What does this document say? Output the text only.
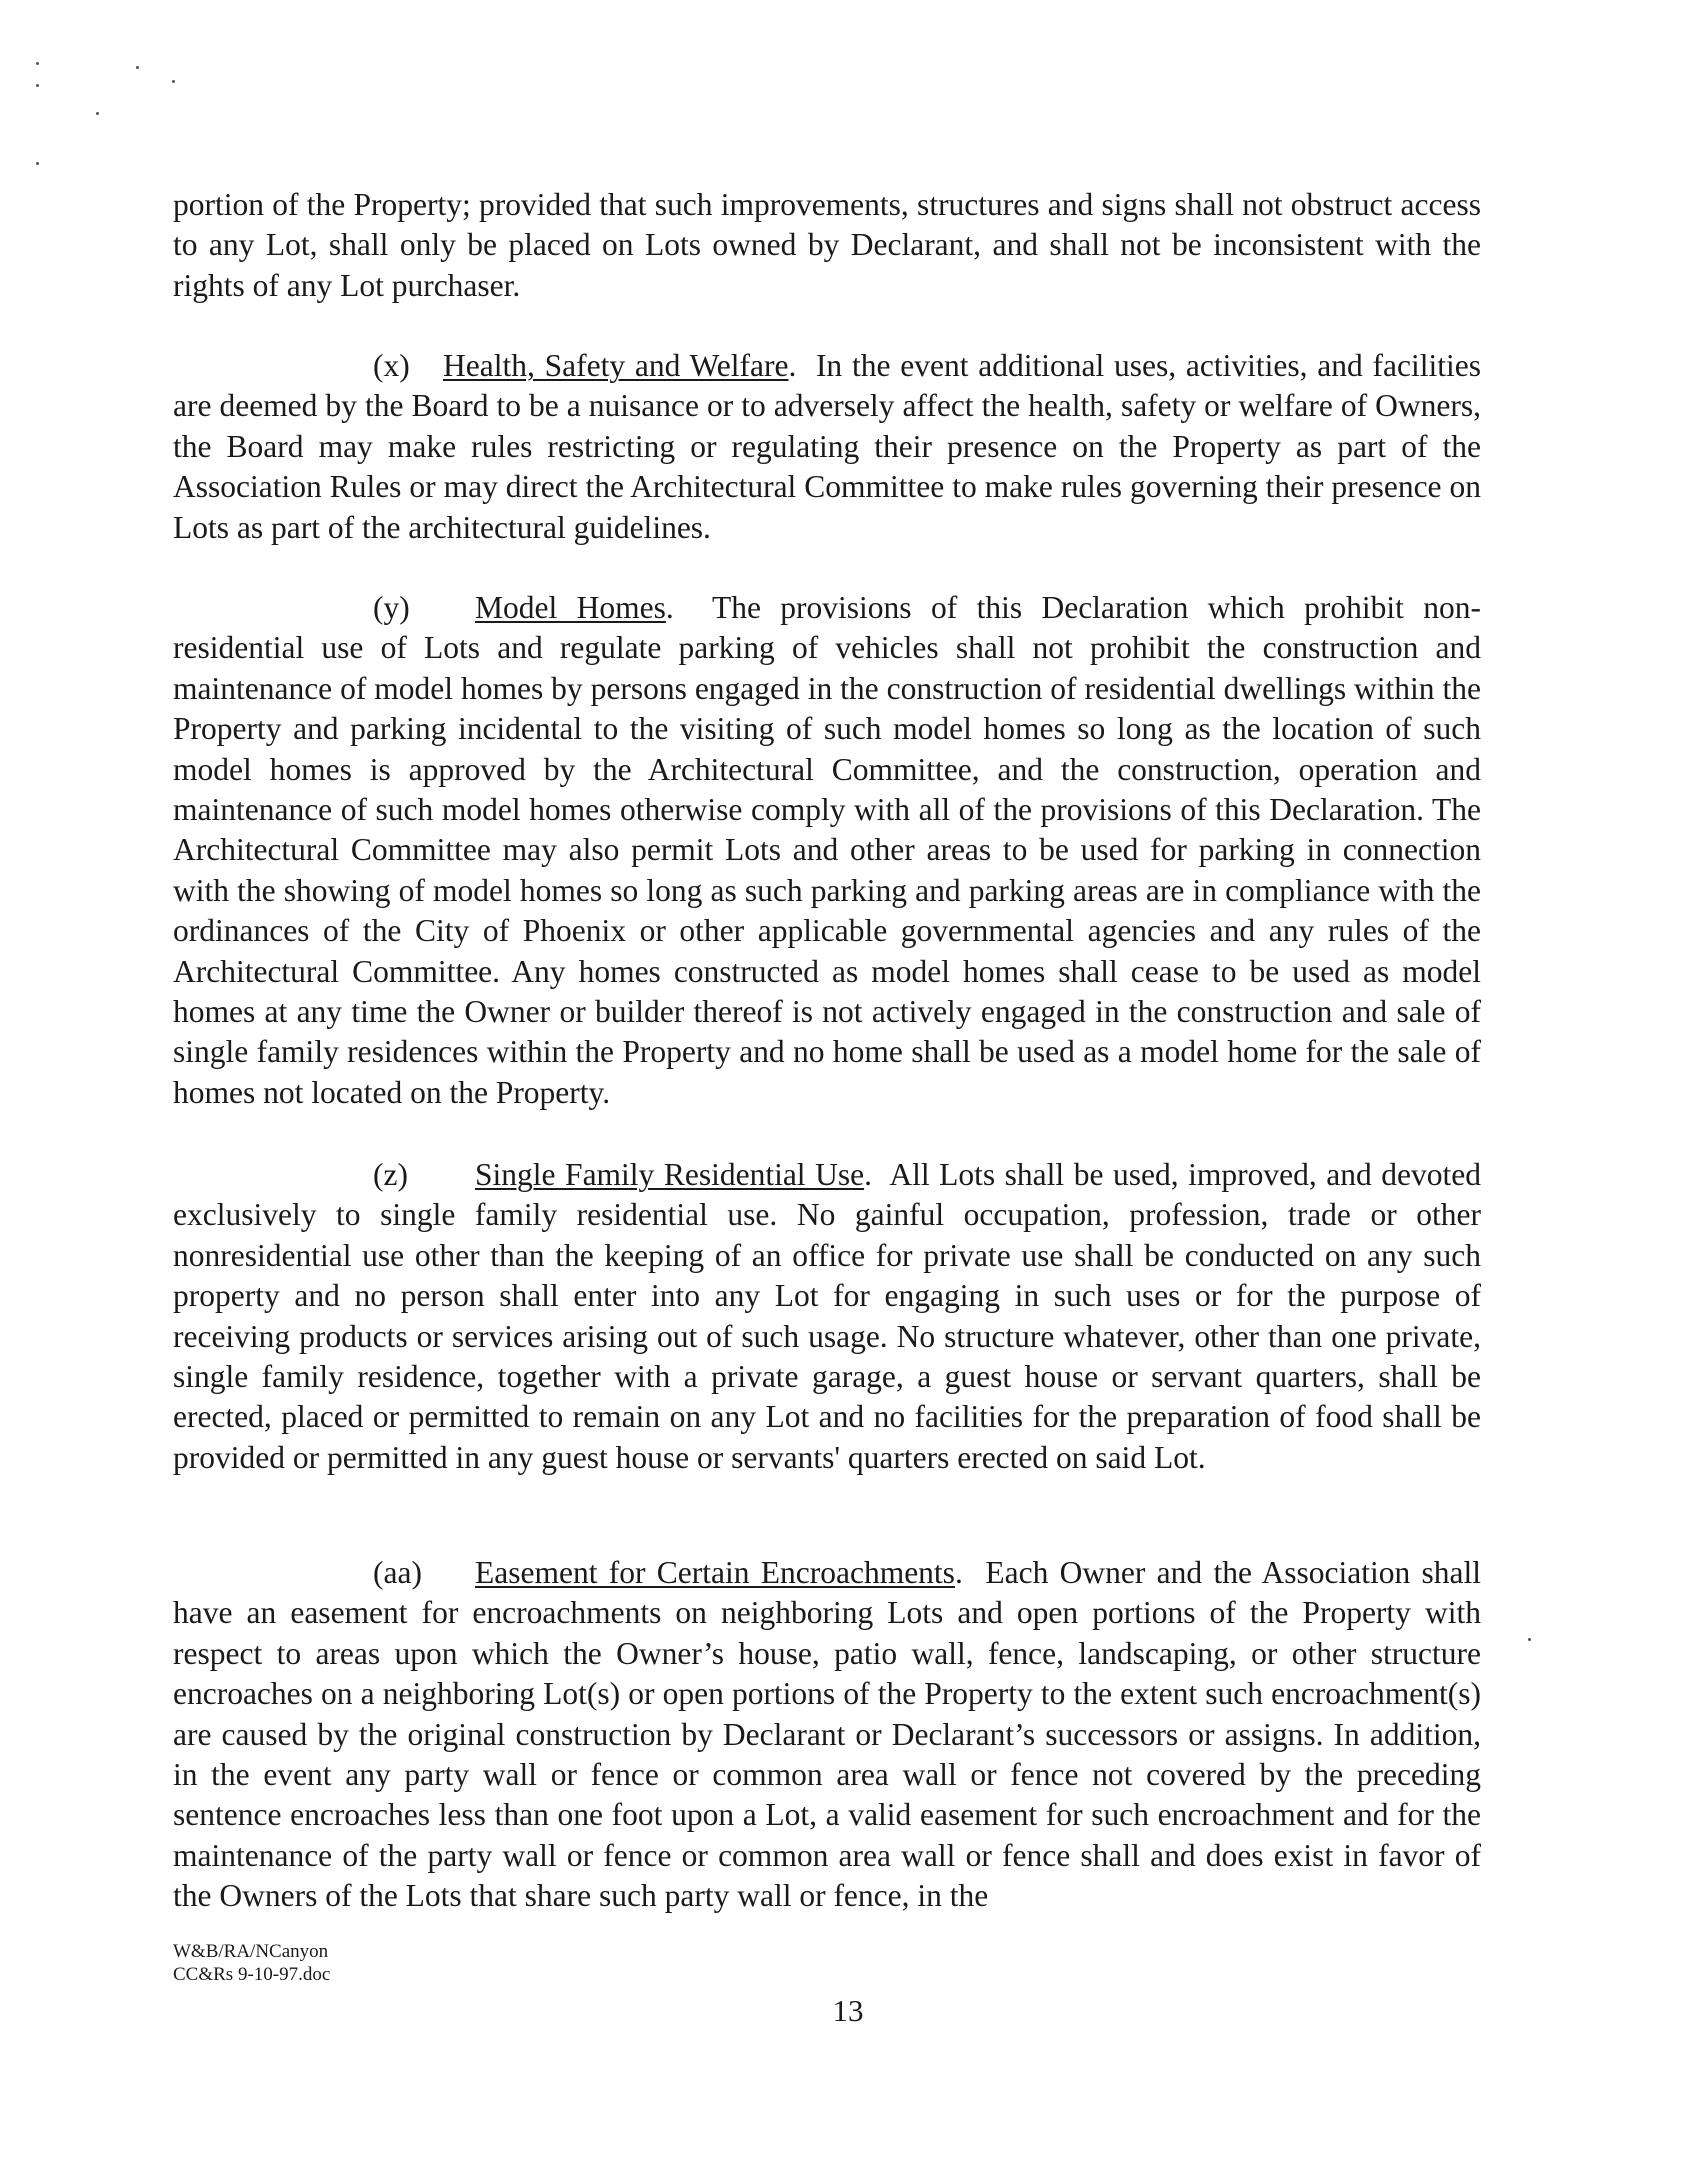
portion of the Property; provided that such improvements, structures and signs shall not obstruct access to any Lot, shall only be placed on Lots owned by Declarant, and shall not be inconsistent with the rights of any Lot purchaser.

(x) Health, Safety and Welfare.  In the event additional uses, activities, and facilities are deemed by the Board to be a nuisance or to adversely affect the health, safety or welfare of Owners, the Board may make rules restricting or regulating their presence on the Property as part of the Association Rules or may direct the Architectural Committee to make rules governing their presence on Lots as part of the architectural guidelines.

(y) Model Homes.  The provisions of this Declaration which prohibit non-residential use of Lots and regulate parking of vehicles shall not prohibit the construction and maintenance of model homes by persons engaged in the construction of residential dwellings within the Property and parking incidental to the visiting of such model homes so long as the location of such model homes is approved by the Architectural Committee, and the construction, operation and maintenance of such model homes otherwise comply with all of the provisions of this Declaration. The Architectural Committee may also permit Lots and other areas to be used for parking in connection with the showing of model homes so long as such parking and parking areas are in compliance with the ordinances of the City of Phoenix or other applicable governmental agencies and any rules of the Architectural Committee. Any homes constructed as model homes shall cease to be used as model homes at any time the Owner or builder thereof is not actively engaged in the construction and sale of single family residences within the Property and no home shall be used as a model home for the sale of homes not located on the Property.

(z) Single Family Residential Use.  All Lots shall be used, improved, and devoted exclusively to single family residential use. No gainful occupation, profession, trade or other nonresidential use other than the keeping of an office for private use shall be conducted on any such property and no person shall enter into any Lot for engaging in such uses or for the purpose of receiving products or services arising out of such usage. No structure whatever, other than one private, single family residence, together with a private garage, a guest house or servant quarters, shall be erected, placed or permitted to remain on any Lot and no facilities for the preparation of food shall be provided or permitted in any guest house or servants' quarters erected on said Lot.

(aa) Easement for Certain Encroachments.  Each Owner and the Association shall have an easement for encroachments on neighboring Lots and open portions of the Property with respect to areas upon which the Owner’s house, patio wall, fence, landscaping, or other structure encroaches on a neighboring Lot(s) or open portions of the Property to the extent such encroachment(s) are caused by the original construction by Declarant or Declarant’s successors or assigns. In addition, in the event any party wall or fence or common area wall or fence not covered by the preceding sentence encroaches less than one foot upon a Lot, a valid easement for such encroachment and for the maintenance of the party wall or fence or common area wall or fence shall and does exist in favor of the Owners of the Lots that share such party wall or fence, in the

W&B/RA/NCanyon
CC&Rs 9-10-97.doc
13
